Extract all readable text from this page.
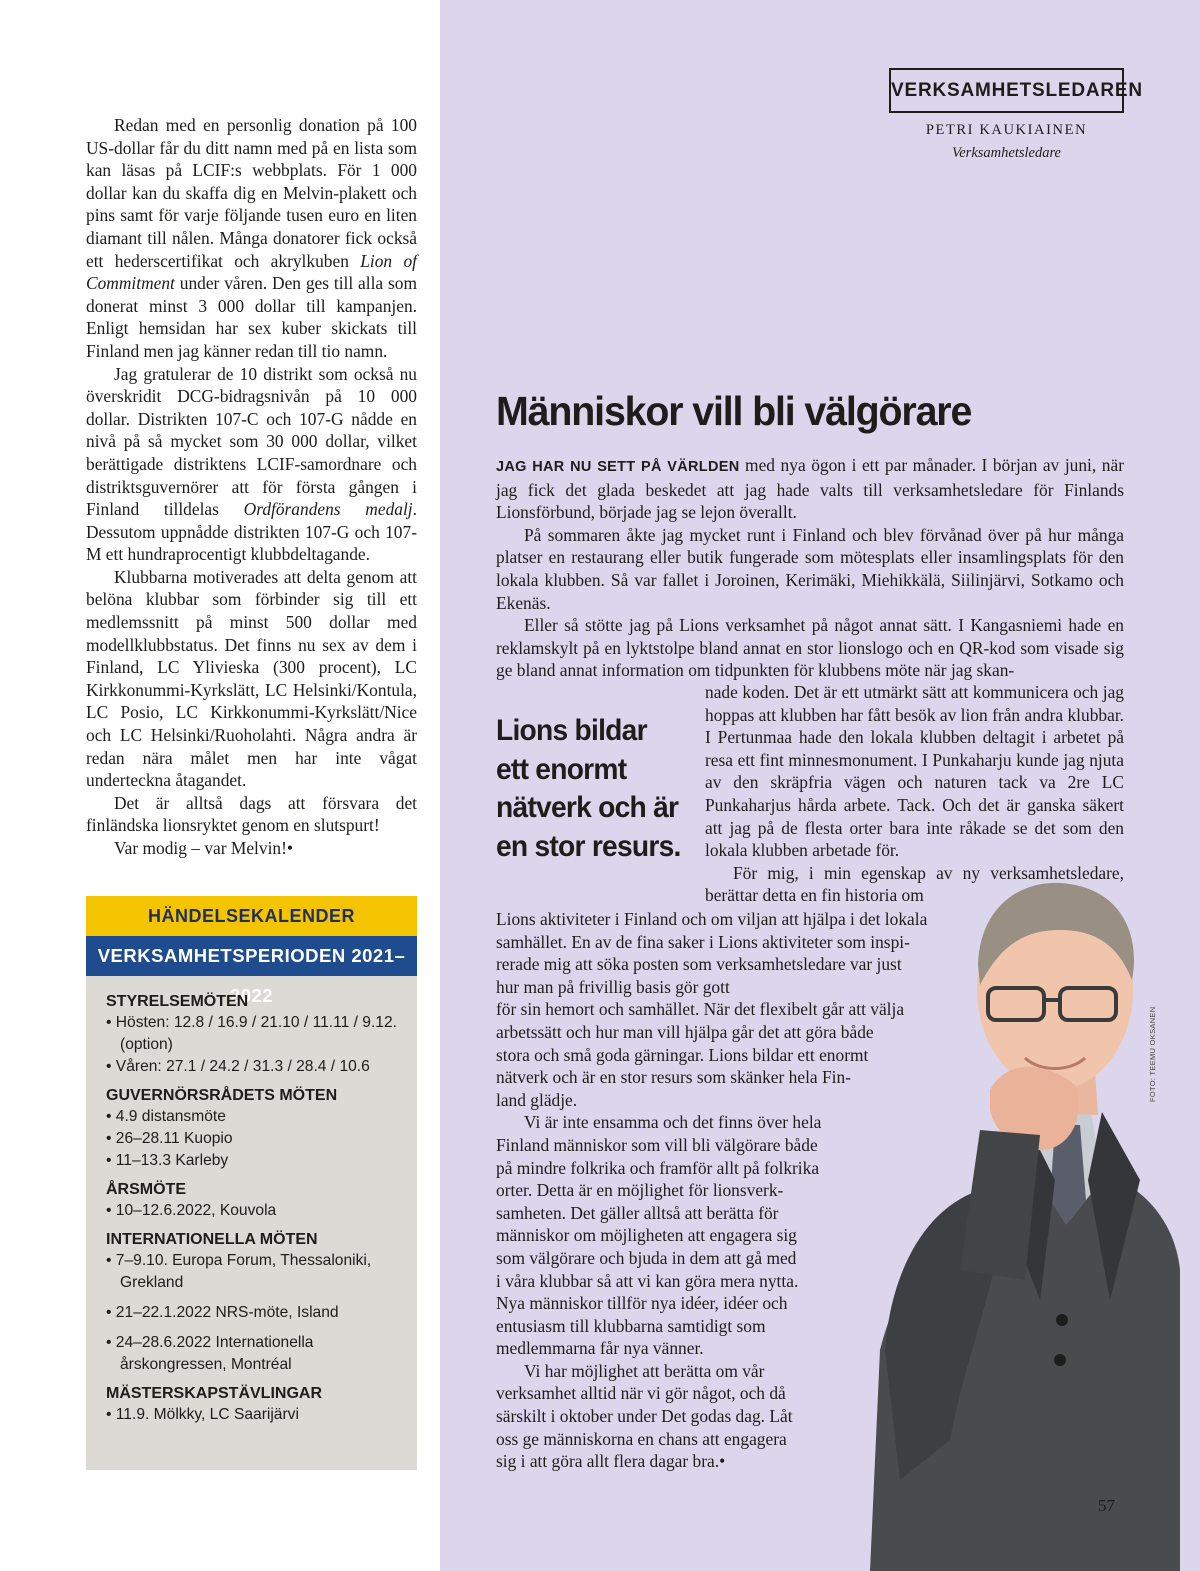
Redan med en personlig donation på 100 US-dollar får du ditt namn med på en lista som kan läsas på LCIF:s webbplats. För 1 000 dollar kan du skaffa dig en Melvin-plakett och pins samt för varje följande tusen euro en liten diamant till nålen. Många donatorer fick också ett hederscertifikat och akrylkuben Lion of Commitment under våren. Den ges till alla som donerat minst 3 000 dollar till kampanjen. Enligt hemsidan har sex kuber skickats till Finland men jag känner redan till tio namn.

Jag gratulerar de 10 distrikt som också nu överskridit DCG-bidragsnivån på 10 000 dollar. Distrikten 107-C och 107-G nådde en nivå på så mycket som 30 000 dollar, vilket berättigade distriktens LCIF-samordnare och distriktsguvernörer att för första gången i Finland tilldelas Ordförandens medalj. Dessutom uppnådde distrikten 107-G och 107-M ett hundraprocentigt klubbdeltagande.

Klubbarna motiverades att delta genom att belöna klubbar som förbinder sig till ett medlemssnitt på minst 500 dollar med modellklubbstatus. Det finns nu sex av dem i Finland, LC Ylivieska (300 procent), LC Kirkkonummi-Kyrkslätt, LC Helsinki/Kontula, LC Posio, LC Kirkkonummi-Kyrkslätt/Nice och LC Helsinki/Ruoholahti. Några andra är redan nära målet men har inte vågat underteckna åtagandet.

Det är alltså dags att försvara det finländska lionsryktet genom en slutspurt!

Var modig – var Melvin! •

HÄNDELSEKALENDER
VERKSAMHETSPERIODEN 2021–2022
STYRELSEMÖTEN
• Hösten: 12.8 / 16.9 / 21.10 / 11.11 / 9.12. (option)
• Våren: 27.1 / 24.2 / 31.3 / 28.4 / 10.6
GUVERNÖRSRÅDETS MÖTEN
• 4.9 distansmöte
• 26–28.11 Kuopio
• 11–13.3 Karleby
ÅRSMÖTE
• 10–12.6.2022, Kouvola
INTERNATIONELLA MÖTEN
• 7–9.10. Europa Forum, Thessaloniki, Grekland
• 21–22.1.2022 NRS-möte, Island
• 24–28.6.2022 Internationella årskongressen, Montréal
MÄSTERSKAPSTÄVLINGAR
• 11.9. Mölkky, LC Saarijärvi
VERKSAMHETSLEDAREN
PETRI KAUKIAINEN
Verksamhetsledare
Människor vill bli välgörare

JAG HAR NU SETT PÅ VÄRLDEN med nya ögon i ett par månader. I början av juni, när jag fick det glada beskedet att jag hade valts till verksamhetsledare för Finlands Lionsförbund, började jag se lejon överallt.

På sommaren åkte jag mycket runt i Finland och blev förvånad över på hur många platser en restaurang eller butik fungerade som mötesplats eller insamlingsplats för den lokala klubben. Så var fallet i Joroinen, Kerimäki, Miehikkälä, Siilinjärvi, Sotkamo och Ekenäs.

Eller så stötte jag på Lions verksamhet på något annat sätt. I Kangasniemi hade en reklamskylt på en lyktstolpe bland annat en stor lionslogo och en QR-kod som visade sig ge bland annat information om tidpunkten för klubbens möte när jag skan-

nade koden. Det är ett utmärkt sätt att kommunicera och jag hoppas att klubben har fått besök av lion från andra klubbar. I Pertunmaa hade den lokala klubben deltagit i arbetet på resa ett fint minnesmonument. I Punkaharju kunde jag njuta av den skräpfria vägen och naturen tack va 2re LC Punkaharjus hårda arbete. Tack. Och det är ganska säkert att jag på de flesta orter bara inte råkade se det som den lokala klubben arbetade för.

För mig, i min egenskap av ny verksamhetsledare, berättar detta en fin historia om

Lions bildar ett enormt nätverk och är en stor resurs.
Lions aktiviteter i Finland och om viljan att hjälpa i det lokala
samhället. En av de fina saker i Lions aktiviteter som inspi-
rerade mig att söka posten som verksamhetsledare var just
hur man på frivillig basis gör gott
för sin hemort och samhället. När det flexibelt går att välja
arbetssätt och hur man vill hjälpa går det att göra både
stora och små goda gärningar. Lions bildar ett enormt
nätverk och är en stor resurs som skänker hela Fin-
land glädje.
Vi är inte ensamma och det finns över hela
Finland människor som vill bli välgörare både
på mindre folkrika och framför allt på folkrika
orter. Detta är en möjlighet för lionsverk-
samheten. Det gäller alltså att berätta för
människor om möjligheten att engagera sig
som välgörare och bjuda in dem att gå med
i våra klubbar så att vi kan göra mera nytta.
Nya människor tillför nya idéer, idéer och
entusiasm till klubbarna samtidigt som
medlemmarna får nya vänner.
Vi har möjlighet att berätta om vår
verksamhet alltid när vi gör något, och då
särskilt i oktober under Det godas dag. Låt
oss ge människorna en chans att engagera
sig i att göra allt flera dagar bra. •
FOTO: TEEMU OKSANEN
57
